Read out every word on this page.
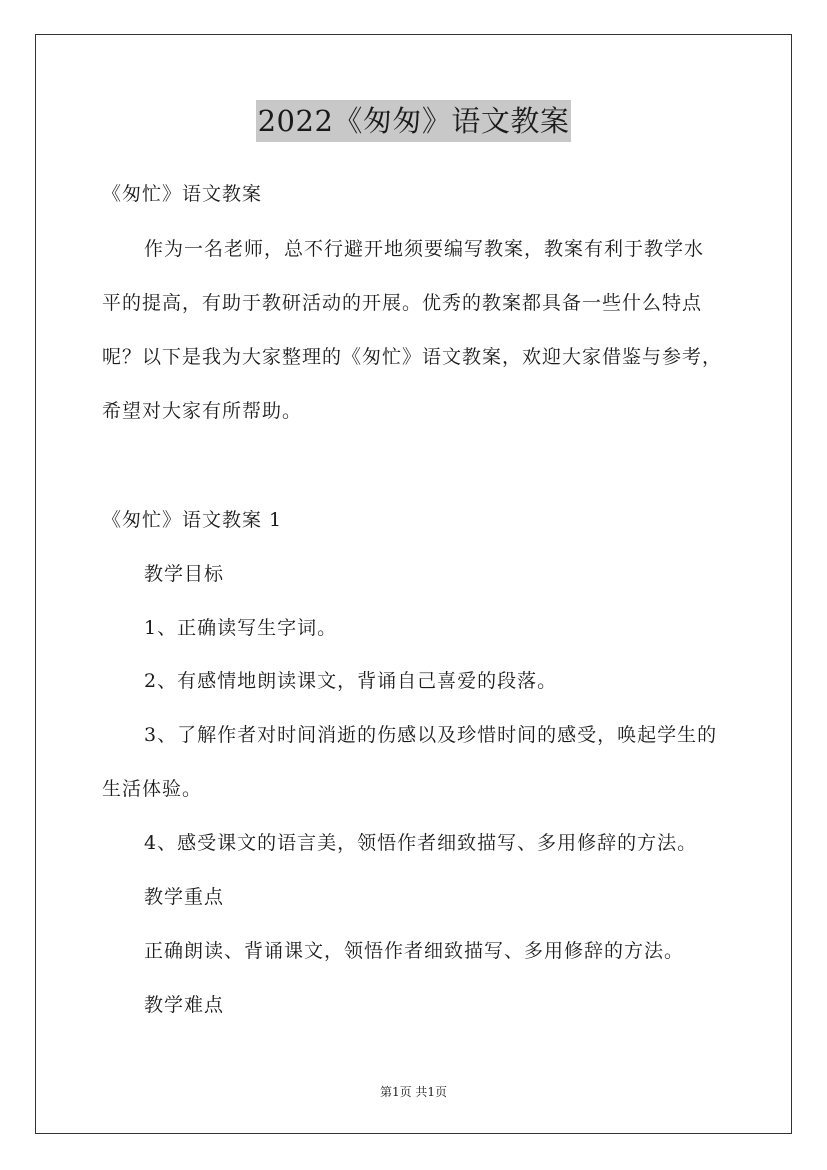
2022《匆匆》语文教案
《匆忙》语文教案
作为一名老师，总不行避开地须要编写教案，教案有利于教学水
平的提高，有助于教研活动的开展。优秀的教案都具备一些什么特点
呢？以下是我为大家整理的《匆忙》语文教案，欢迎大家借鉴与参考，
希望对大家有所帮助。
《匆忙》语文教案 1
教学目标
1、正确读写生字词。
2、有感情地朗读课文，背诵自己喜爱的段落。
3、了解作者对时间消逝的伤感以及珍惜时间的感受，唤起学生的
生活体验。
4、感受课文的语言美，领悟作者细致描写、多用修辞的方法。
教学重点
正确朗读、背诵课文，领悟作者细致描写、多用修辞的方法。
教学难点
第1页 共1页
